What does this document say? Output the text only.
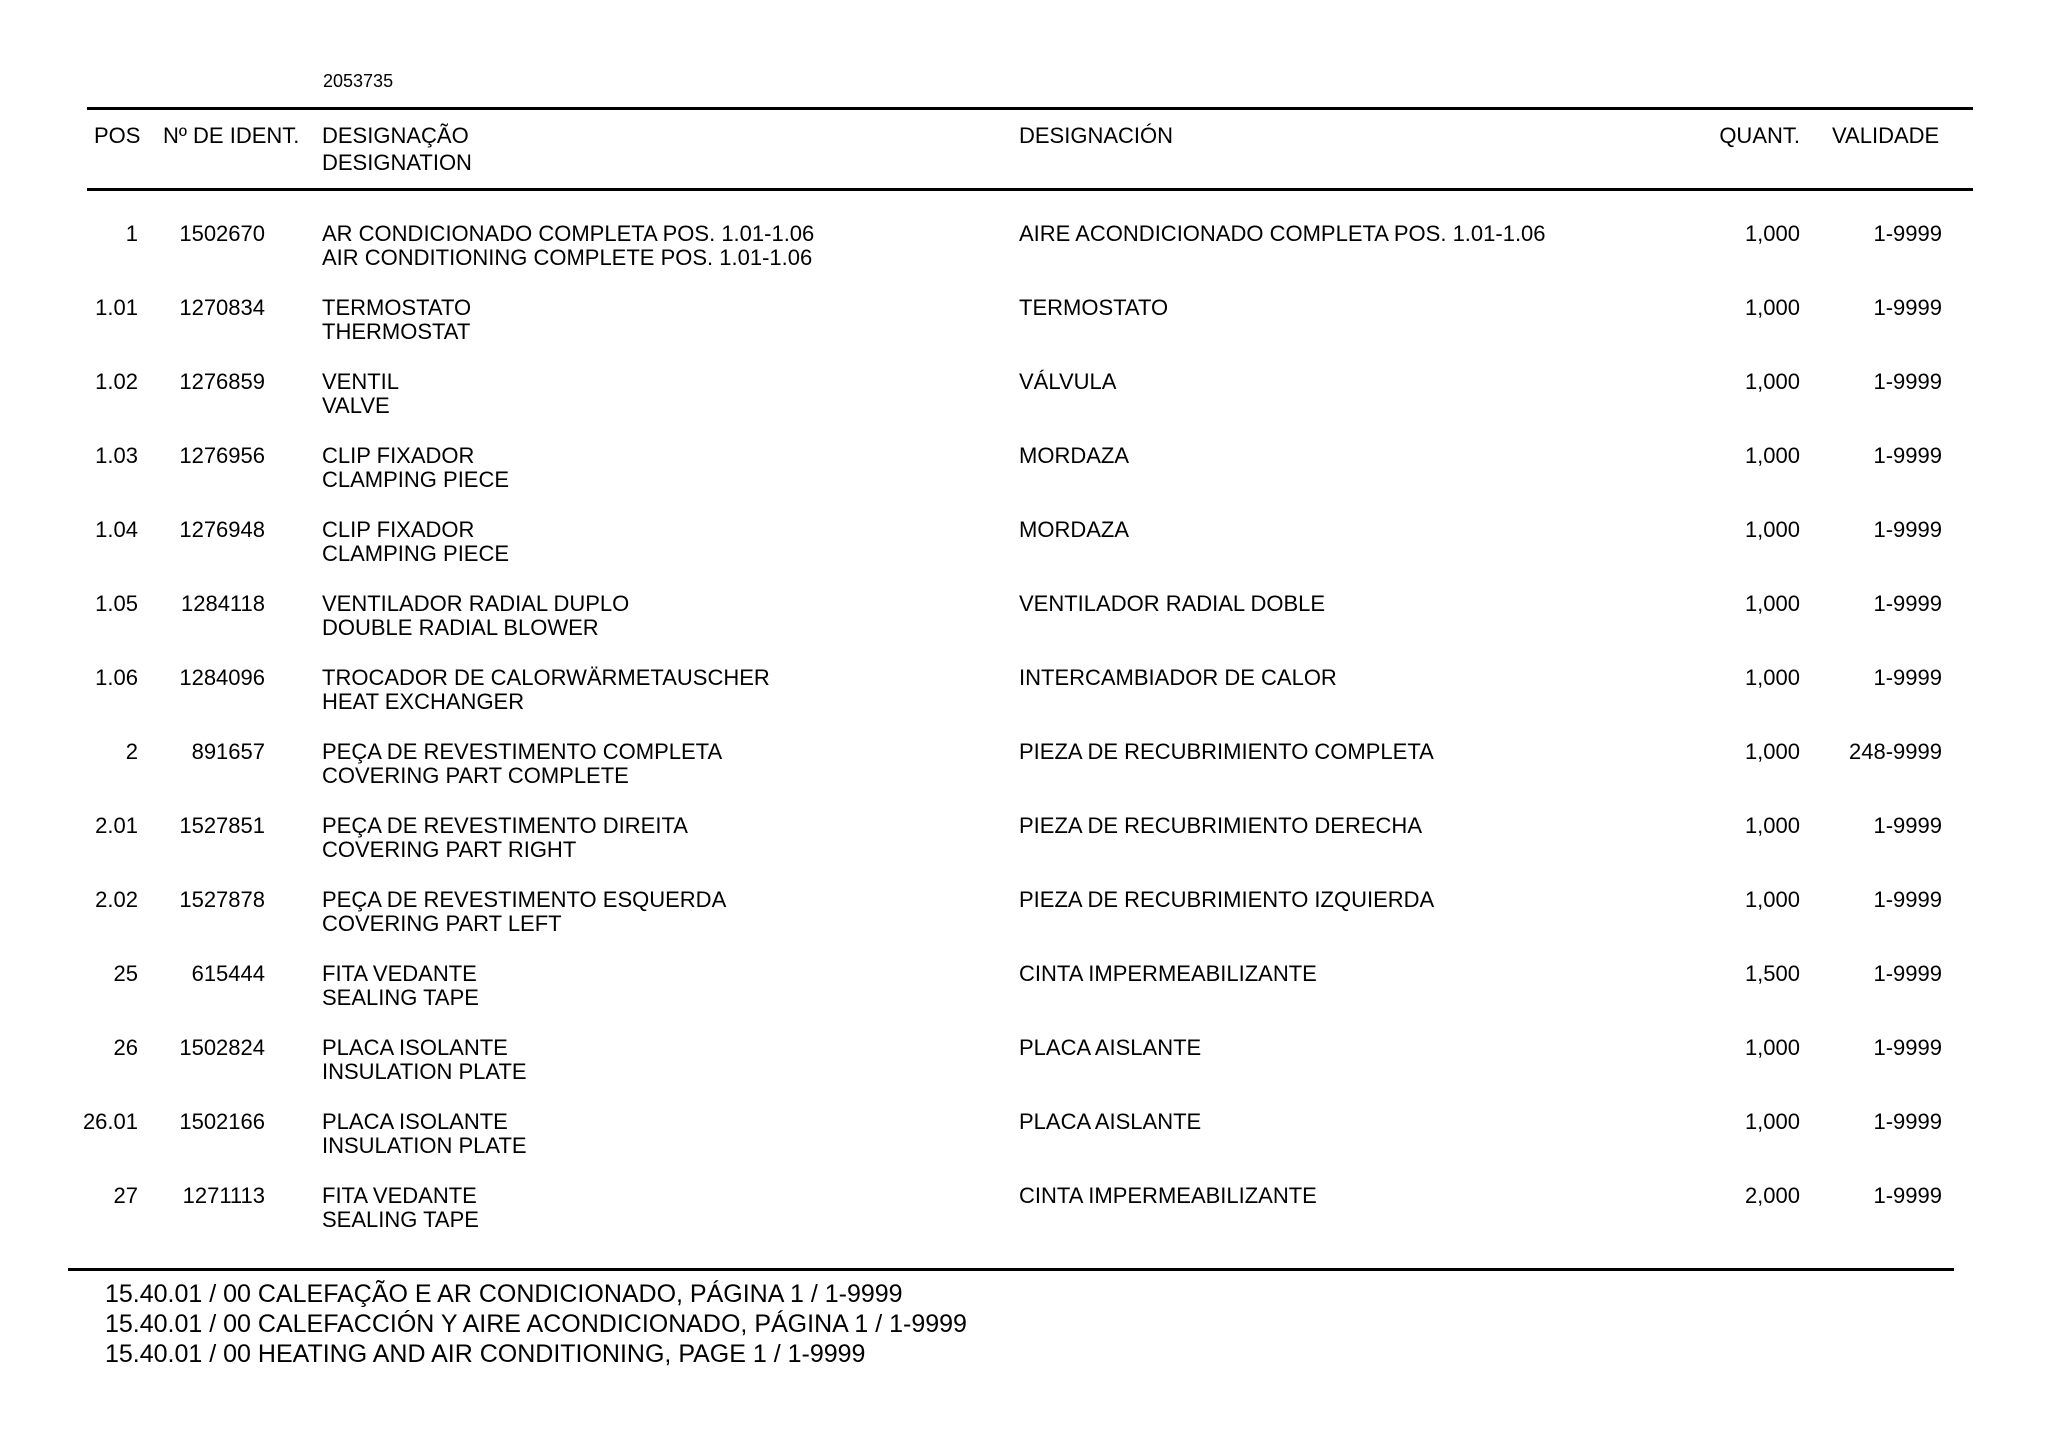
2053735
POS Nº DE IDENT. DESIGNAÇÃO
DESIGNATION
DESIGNACIÓN	QUANT. VALIDADE
1 1502670	AR CONDICIONADO COMPLETA POS. 1.01-1.06
AIR CONDITIONING COMPLETE POS. 1.01-1.06
AIRE ACONDICIONADO COMPLETA POS. 1.01-1.06	1,000	1-9999
1.01 1270834	TERMOSTATO
THERMOSTAT
TERMOSTATO	1,000	1-9999
1.02 1276859	VENTIL
VALVE
VÁLVULA	1,000	1-9999
1.03 1276956	CLIP FIXADOR
CLAMPING PIECE
MORDAZA	1,000	1-9999
1.04 1276948	CLIP FIXADOR
CLAMPING PIECE
MORDAZA	1,000	1-9999
1.05 1284118	VENTILADOR RADIAL DUPLO
DOUBLE RADIAL BLOWER
VENTILADOR RADIAL DOBLE	1,000	1-9999
1.06 1284096	TROCADOR DE CALORWÄRMETAUSCHER
HEAT EXCHANGER
INTERCAMBIADOR DE CALOR	1,000	1-9999
2 891657	PEÇA DE REVESTIMENTO COMPLETA
COVERING PART COMPLETE
PIEZA DE RECUBRIMIENTO COMPLETA	1,000 248-9999
2.01 1527851	PEÇA DE REVESTIMENTO DIREITA
COVERING PART RIGHT
PIEZA DE RECUBRIMIENTO DERECHA	1,000	1-9999
2.02 1527878	PEÇA DE REVESTIMENTO ESQUERDA
COVERING PART LEFT
PIEZA DE RECUBRIMIENTO IZQUIERDA	1,000	1-9999
25 615444	FITA VEDANTE
SEALING TAPE
CINTA IMPERMEABILIZANTE	1,500	1-9999
26 1502824	PLACA ISOLANTE
INSULATION PLATE
PLACA AISLANTE	1,000	1-9999
26.01 1502166	PLACA ISOLANTE
INSULATION PLATE
PLACA AISLANTE	1,000	1-9999
27 1271113	FITA VEDANTE
SEALING TAPE
CINTA IMPERMEABILIZANTE	2,000	1-9999
15.40.01 / 00 CALEFAÇÃO E AR CONDICIONADO, PÁGINA 1 / 1-9999
15.40.01 / 00 CALEFACCIÓN Y AIRE ACONDICIONADO, PÁGINA 1 / 1-9999
15.40.01 / 00 HEATING AND AIR CONDITIONING, PAGE 1 / 1-9999
